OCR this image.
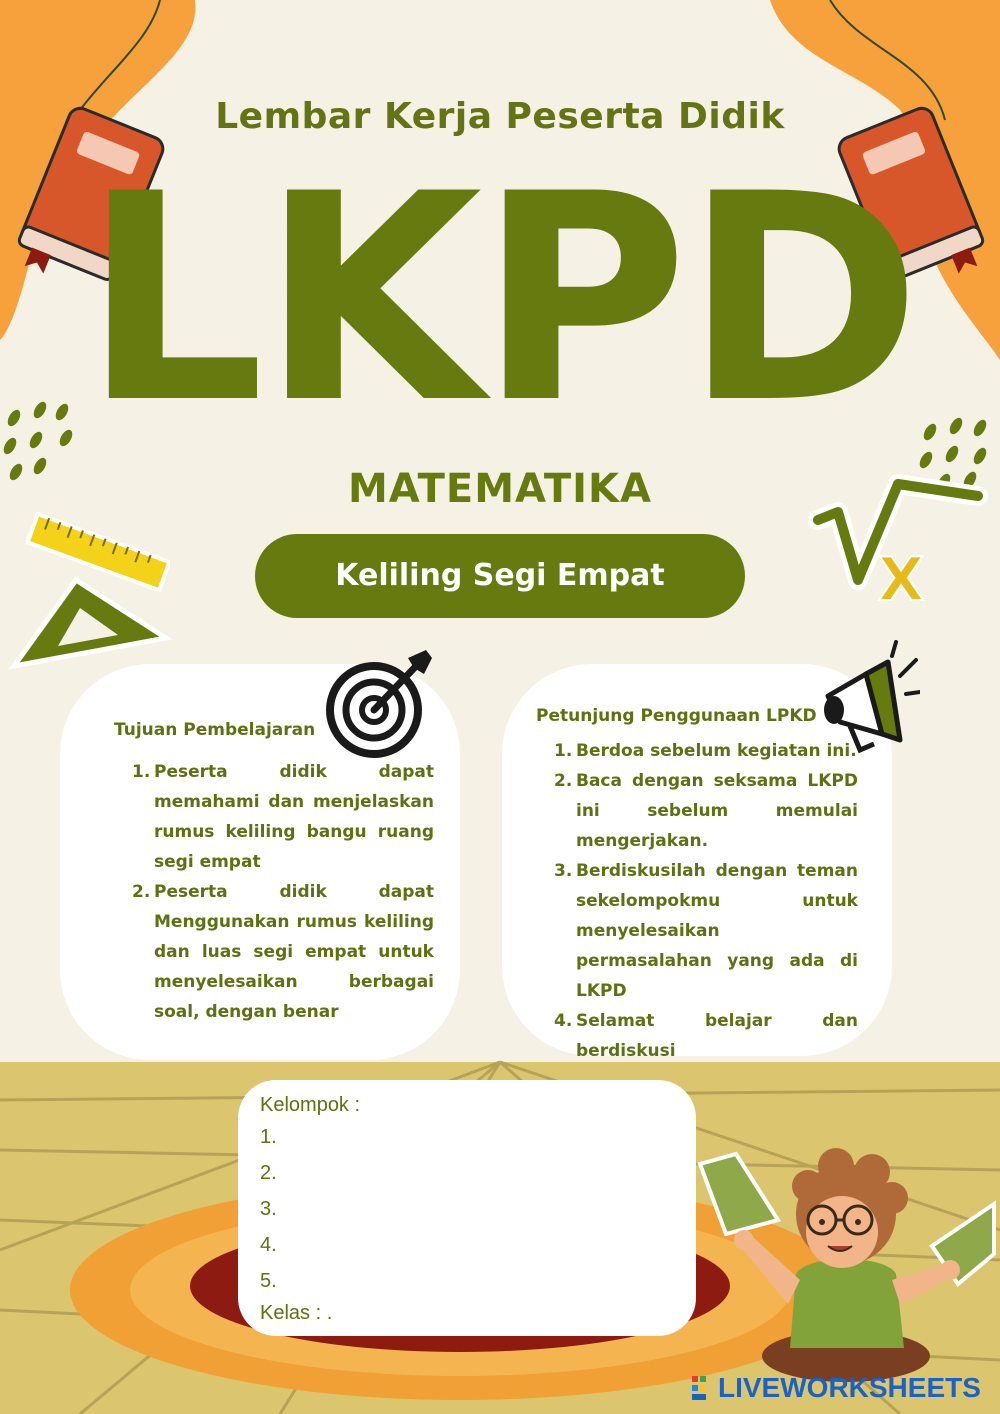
X
Lembar Kerja Peserta Didik
LKPD
MATEMATIKA
Keliling Segi Empat
Tujuan Pembelajaran
1. Peserta didik dapat memahami dan menjelaskan rumus keliling bangu ruang segi empat
2. Peserta didik dapat Menggunakan rumus keliling dan luas segi empat untuk menyelesaikan berbagai soal, dengan benar
Petunjung Penggunaan LPKD
1. Berdoa sebelum kegiatan ini.
2. Baca dengan seksama LKPD ini sebelum memulai mengerjakan.
3. Berdiskusilah dengan teman sekelompokmu untuk menyelesaikan permasalahan yang ada di LKPD
4. Selamat belajar dan berdiskusi
Kelompok :
1.
2.
3.
4.
5.
Kelas : .
LIVEWORKSHEETS
